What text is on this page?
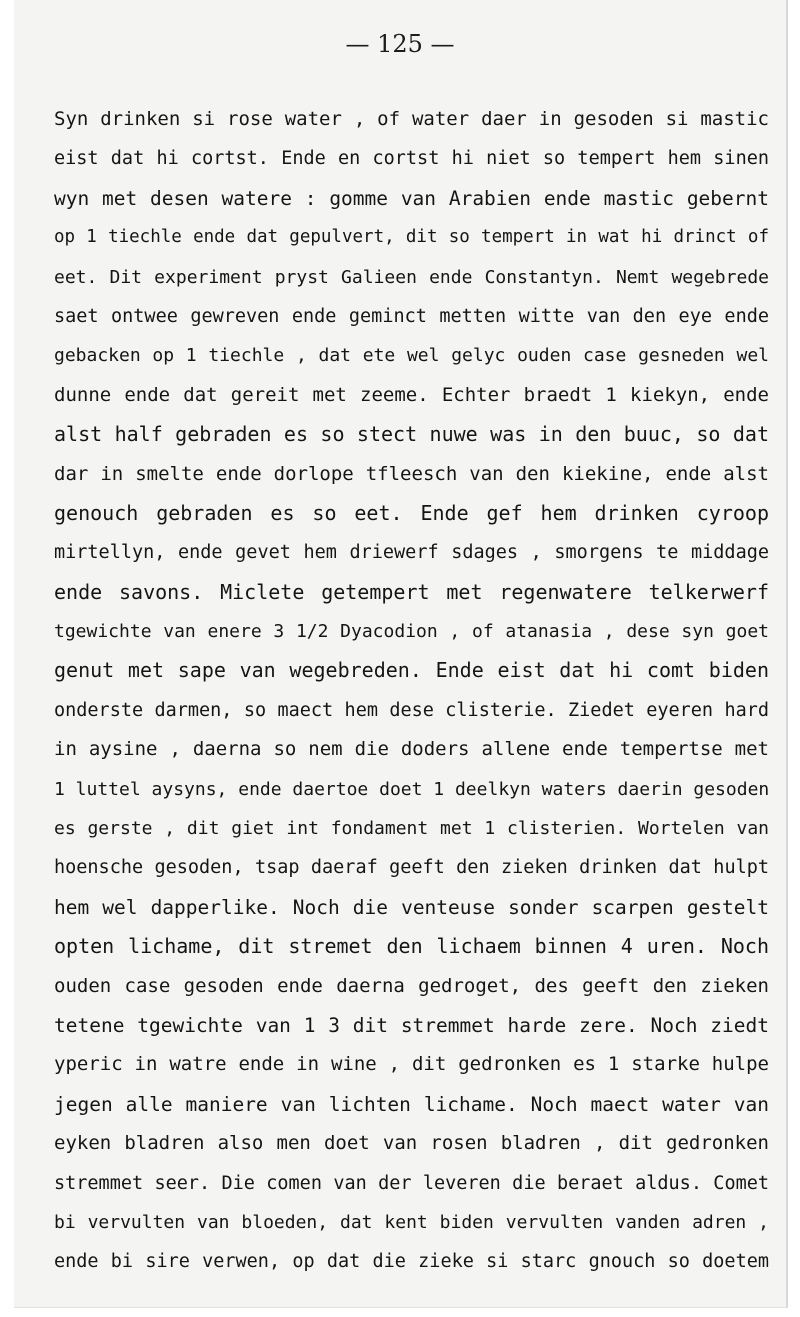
— 125 —
Syn drinken si rose water , of water daer in gesoden si mastic
eist dat hi cortst. Ende en cortst hi niet so tempert hem sinen
wyn met desen watere : gomme van Arabien ende mastic gebernt
op 1 tiechle ende dat gepulvert, dit so tempert in wat hi drinct of
eet. Dit experiment pryst Galieen ende Constantyn. Nemt wegebrede
saet ontwee gewreven ende geminct metten witte van den eye ende
gebacken op 1 tiechle , dat ete wel gelyc ouden case gesneden wel
dunne ende dat gereit met zeeme. Echter braedt 1 kiekyn, ende
alst half gebraden es so stect nuwe was in den buuc, so dat
dar in smelte ende dorlope tfleesch van den kiekine, ende alst
genouch gebraden es so eet. Ende gef hem drinken cyroop
mirtellyn, ende gevet hem driewerf sdages , smorgens te middage
ende savons. Miclete getempert met regenwatere telkerwerf
tgewichte van enere 3 1/2 Dyacodion , of atanasia , dese syn goet
genut met sape van wegebreden. Ende eist dat hi comt biden
onderste darmen, so maect hem dese clisterie. Ziedet eyeren hard
in aysine , daerna so nem die doders allene ende tempertse met
1 luttel aysyns, ende daertoe doet 1 deelkyn waters daerin gesoden
es gerste , dit giet int fondament met 1 clisterien. Wortelen van
hoensche gesoden, tsap daeraf geeft den zieken drinken dat hulpt
hem wel dapperlike. Noch die venteuse sonder scarpen gestelt
opten lichame, dit stremet den lichaem binnen 4 uren. Noch
ouden case gesoden ende daerna gedroget, des geeft den zieken
tetene tgewichte van 1 3 dit stremmet harde zere. Noch ziedt
yperic in watre ende in wine , dit gedronken es 1 starke hulpe
jegen alle maniere van lichten lichame. Noch maect water van
eyken bladren also men doet van rosen bladren , dit gedronken
stremmet seer. Die comen van der leveren die beraet aldus. Comet
bi vervulten van bloeden, dat kent biden vervulten vanden adren ,
ende bi sire verwen, op dat die zieke si starc gnouch so doetem
